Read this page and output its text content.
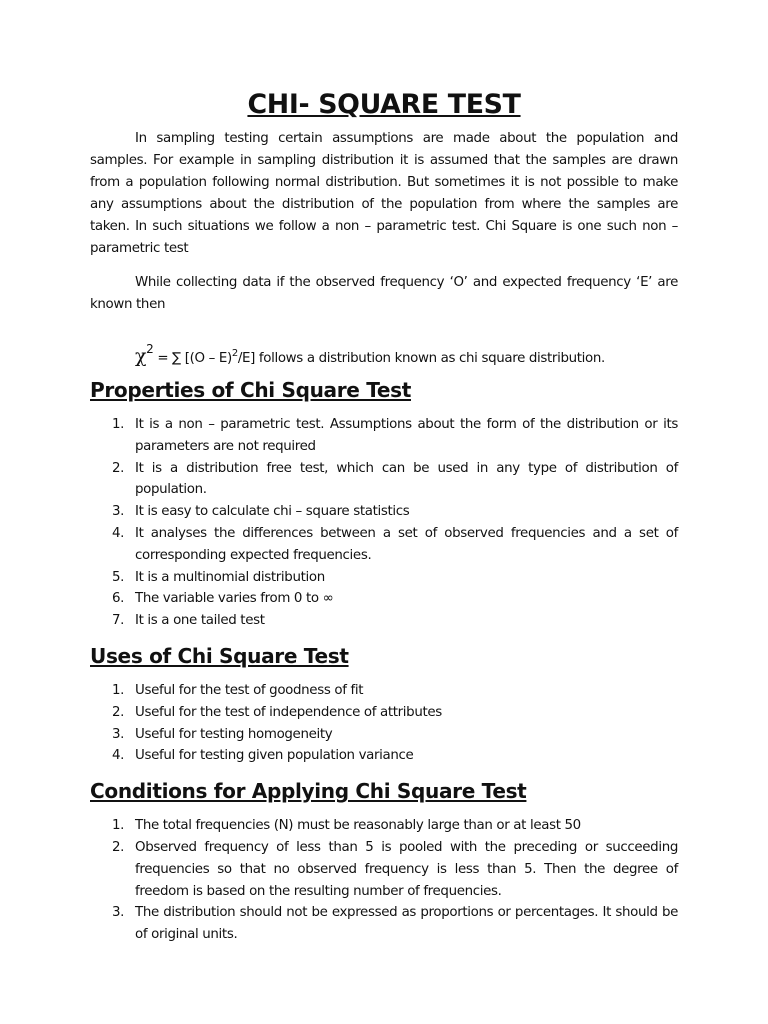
CHI- SQUARE TEST

In sampling testing certain assumptions are made about the population and samples. For example in sampling distribution it is assumed that the samples are drawn from a population following normal distribution. But sometimes it is not possible to make any assumptions about the distribution of the population from where the samples are taken. In such situations we follow a non – parametric test. Chi Square is one such non – parametric test

While collecting data if the observed frequency ‘O’ and expected frequency ‘E’ are known then

$\chi^2$ = ∑ [(O – E)$^2$/E] follows a distribution known as chi square distribution.
Properties of Chi Square Test
1. It is a non – parametric test. Assumptions about the form of the distribution or its parameters are not required
2. It is a distribution free test, which can be used in any type of distribution of population.
3. It is easy to calculate chi – square statistics
4. It analyses the differences between a set of observed frequencies and a set of corresponding expected frequencies.
5. It is a multinomial distribution
6. The variable varies from 0 to ∞
7. It is a one tailed test
Uses of Chi Square Test
1. Useful for the test of goodness of fit
2. Useful for the test of independence of attributes
3. Useful for testing homogeneity
4. Useful for testing given population variance
Conditions for Applying Chi Square Test
1. The total frequencies (N) must be reasonably large than or at least 50
2. Observed frequency of less than 5 is pooled with the preceding or succeeding frequencies so that no observed frequency is less than 5. Then the degree of freedom is based on the resulting number of frequencies.
3. The distribution should not be expressed as proportions or percentages. It should be of original units.
